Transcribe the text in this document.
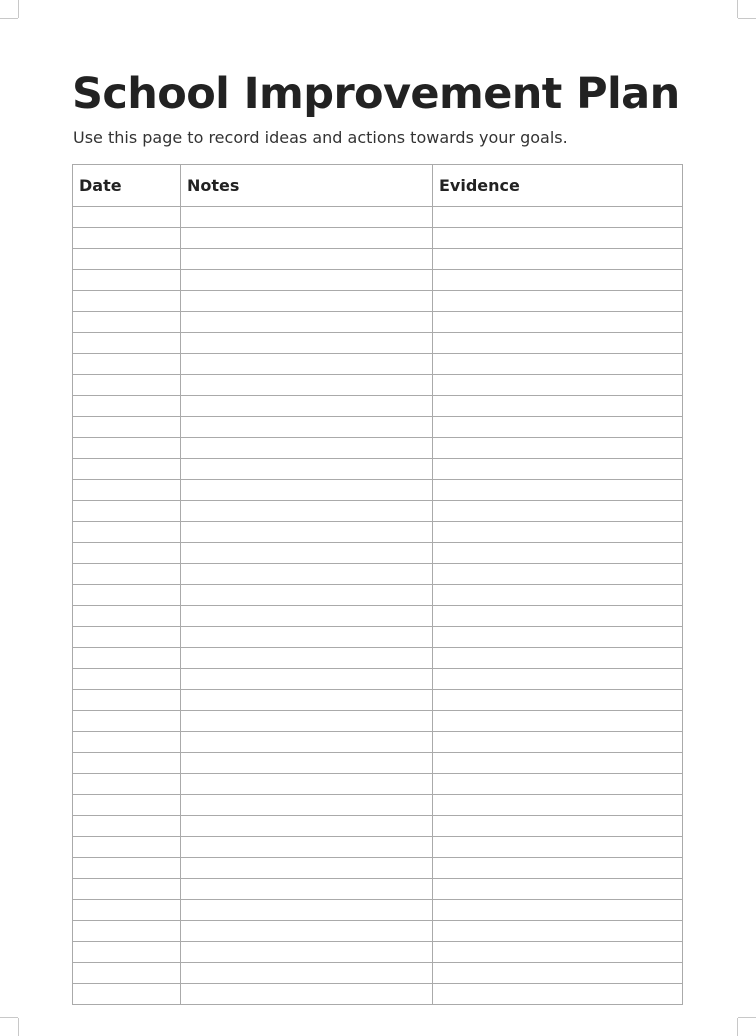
School Improvement Plan

Use this page to record ideas and actions towards your goals.

Date	Notes	Evidence
